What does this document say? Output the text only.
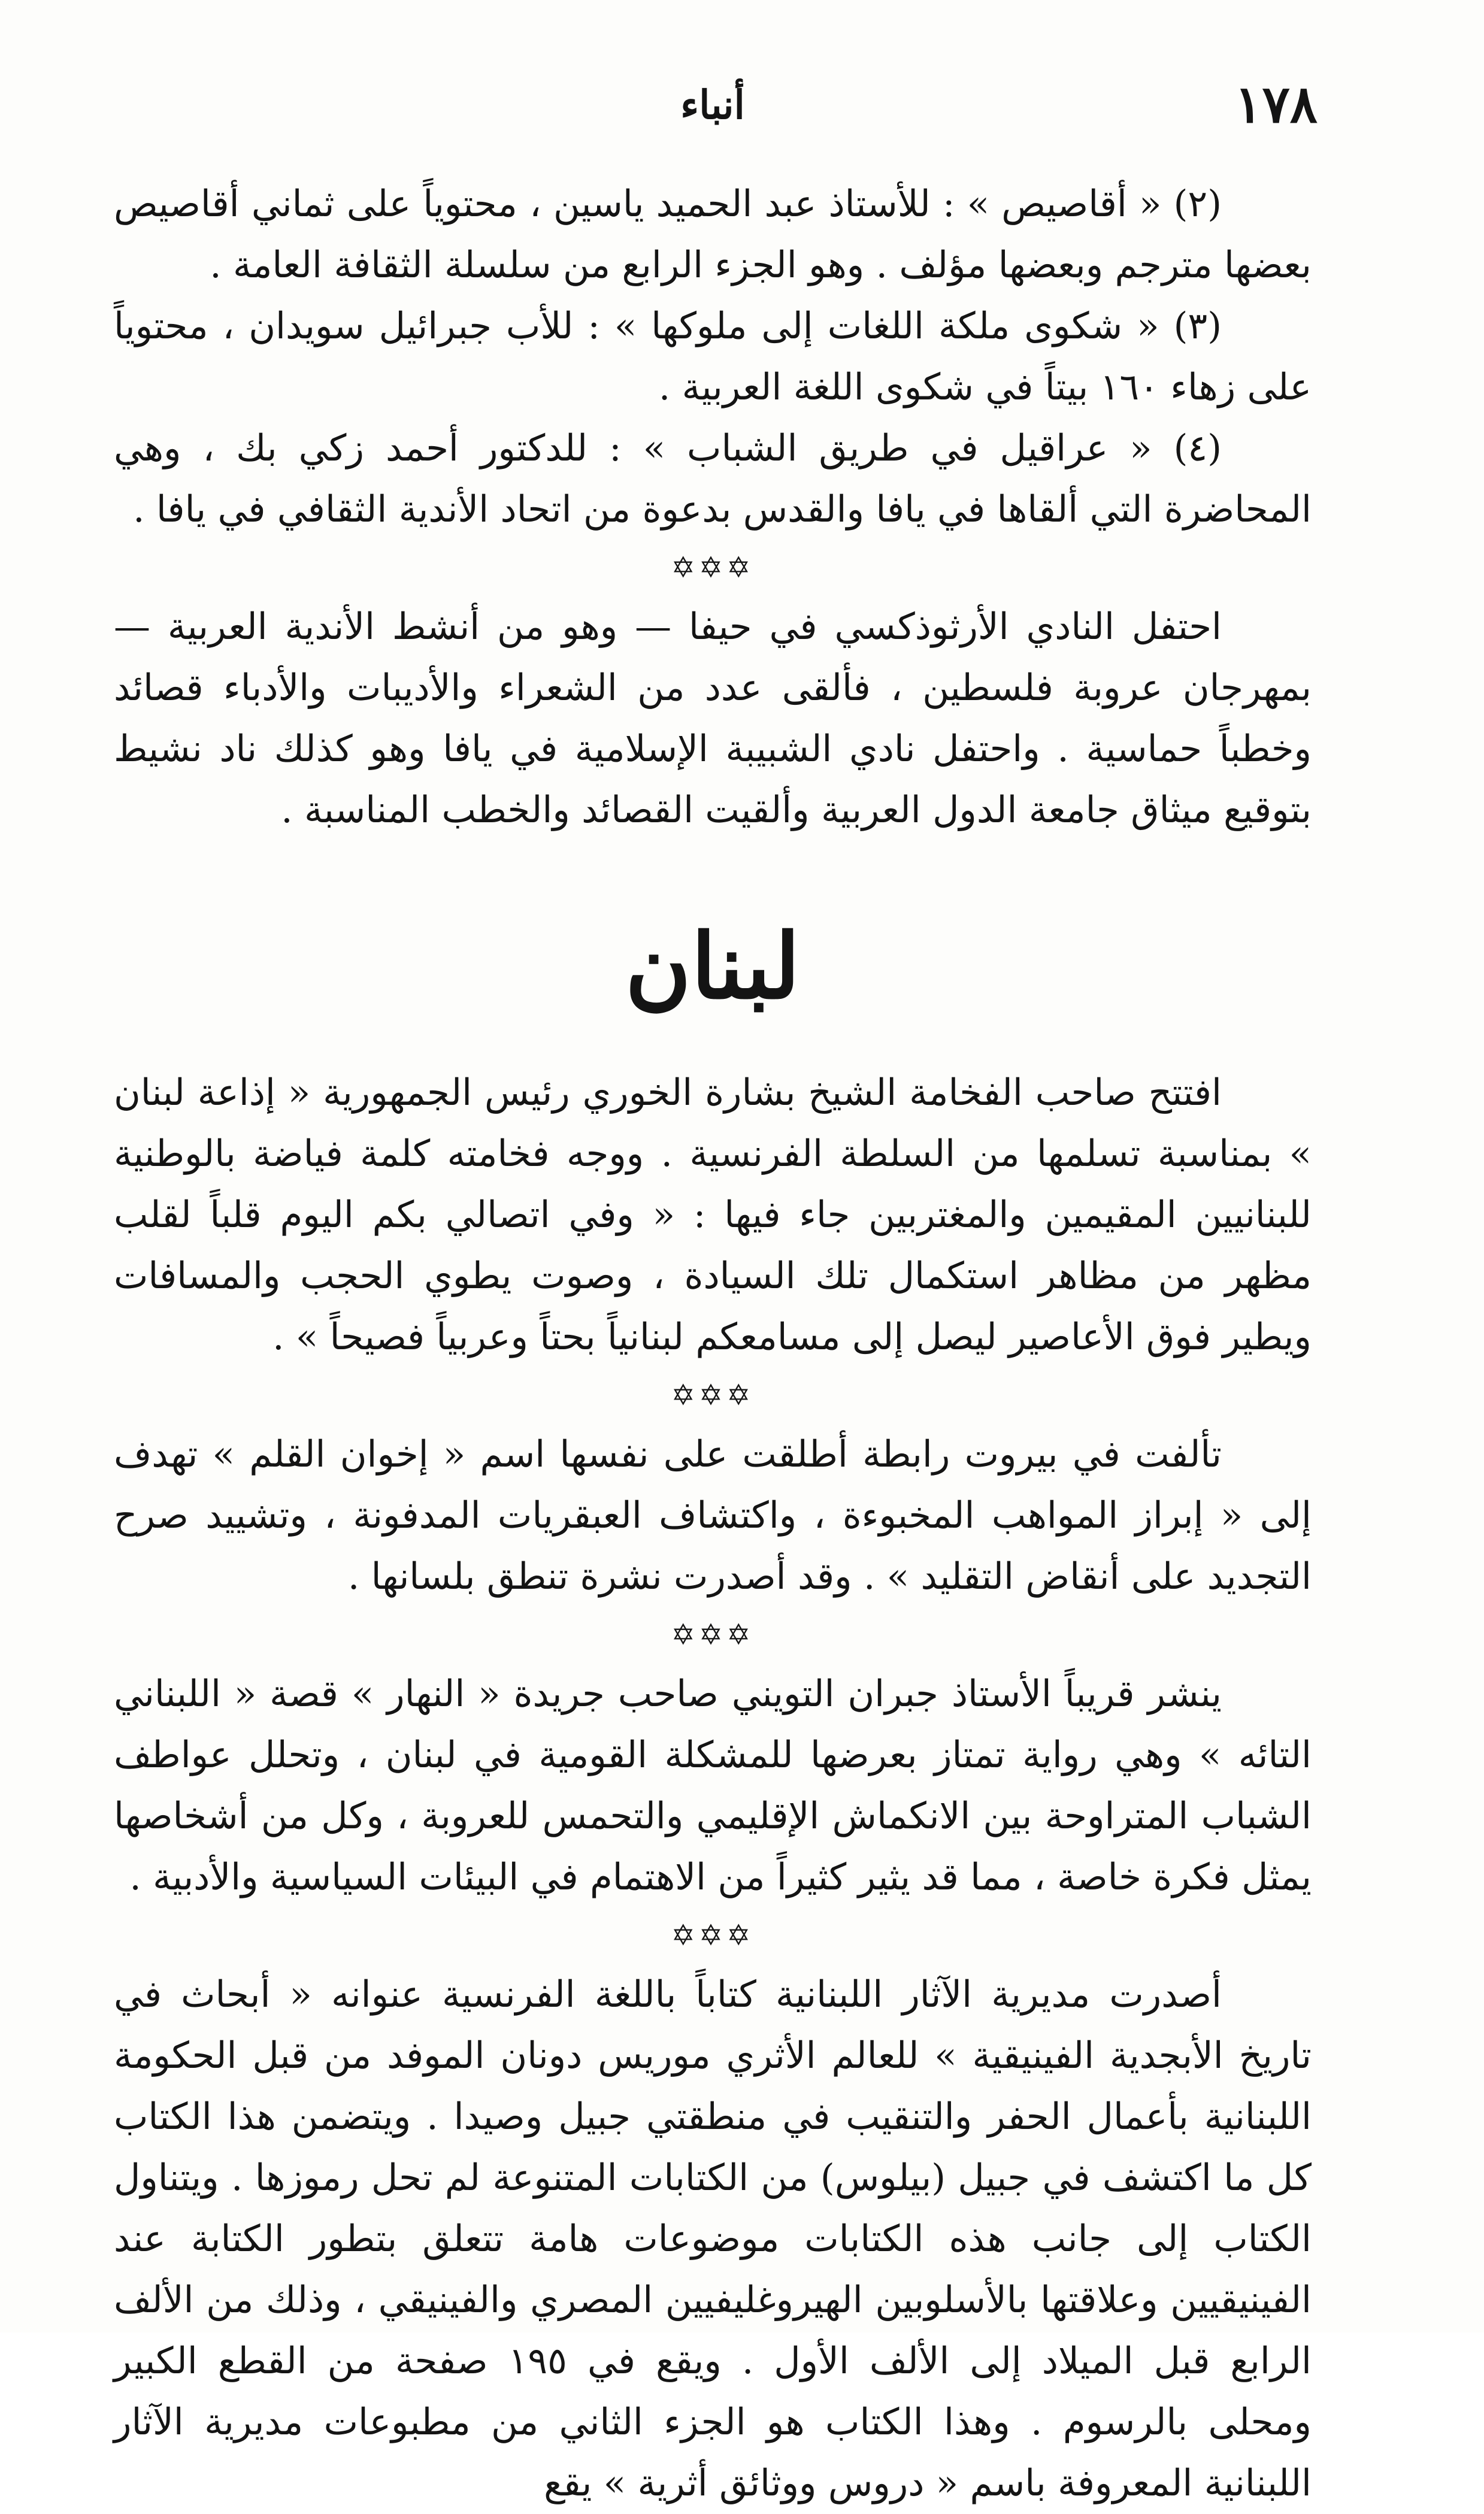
١٧٨
أنباء

(٢) « أقاصيص » : للأستاذ عبد الحميد ياسين ، محتوياً على ثماني أقاصيص بعضها مترجم وبعضها مؤلف . وهو الجزء الرابع من سلسلة الثقافة العامة .

(٣) « شكوى ملكة اللغات إلى ملوكها » : للأب جبرائيل سويدان ، محتوياً على زهاء ١٦٠ بيتاً في شكوى اللغة العربية .

(٤) « عراقيل في طريق الشباب » : للدكتور أحمد زكي بك ، وهي المحاضرة التي ألقاها في يافا والقدس بدعوة من اتحاد الأندية الثقافي في يافا .

✡✡✡

احتفل النادي الأرثوذكسي في حيفا — وهو من أنشط الأندية العربية — بمهرجان عروبة فلسطين ، فألقى عدد من الشعراء والأديبات والأدباء قصائد وخطباً حماسية . واحتفل نادي الشبيبة الإسلامية في يافا وهو كذلك ناد نشيط بتوقيع ميثاق جامعة الدول العربية وألقيت القصائد والخطب المناسبة .

لبنان

افتتح صاحب الفخامة الشيخ بشارة الخوري رئيس الجمهورية « إذاعة لبنان » بمناسبة تسلمها من السلطة الفرنسية . ووجه فخامته كلمة فياضة بالوطنية للبنانيين المقيمين والمغتربين جاء فيها : « وفي اتصالي بكم اليوم قلباً لقلب مظهر من مظاهر استكمال تلك السيادة ، وصوت يطوي الحجب والمسافات ويطير فوق الأعاصير ليصل إلى مسامعكم لبنانياً بحتاً وعربياً فصيحاً » .

✡✡✡

تألفت في بيروت رابطة أطلقت على نفسها اسم « إخوان القلم » تهدف إلى « إبراز المواهب المخبوءة ، واكتشاف العبقريات المدفونة ، وتشييد صرح التجديد على أنقاض التقليد » . وقد أصدرت نشرة تنطق بلسانها .

✡✡✡

ينشر قريباً الأستاذ جبران التويني صاحب جريدة « النهار » قصة « اللبناني التائه » وهي رواية تمتاز بعرضها للمشكلة القومية في لبنان ، وتحلل عواطف الشباب المتراوحة بين الانكماش الإقليمي والتحمس للعروبة ، وكل من أشخاصها يمثل فكرة خاصة ، مما قد يثير كثيراً من الاهتمام في البيئات السياسية والأدبية .

✡✡✡

أصدرت مديرية الآثار اللبنانية كتاباً باللغة الفرنسية عنوانه « أبحاث في تاريخ الأبجدية الفينيقية » للعالم الأثري موريس دونان الموفد من قبل الحكومة اللبنانية بأعمال الحفر والتنقيب في منطقتي جبيل وصيدا . ويتضمن هذا الكتاب كل ما اكتشف في جبيل (بيلوس) من الكتابات المتنوعة لم تحل رموزها . ويتناول الكتاب إلى جانب هذه الكتابات موضوعات هامة تتعلق بتطور الكتابة عند الفينيقيين وعلاقتها بالأسلوبين الهيروغليفيين المصري والفينيقي ، وذلك من الألف الرابع قبل الميلاد إلى الألف الأول . ويقع في ١٩٥ صفحة من القطع الكبير ومحلى بالرسوم . وهذا الكتاب هو الجزء الثاني من مطبوعات مديرية الآثار اللبنانية المعروفة باسم « دروس ووثائق أثرية » يقع
